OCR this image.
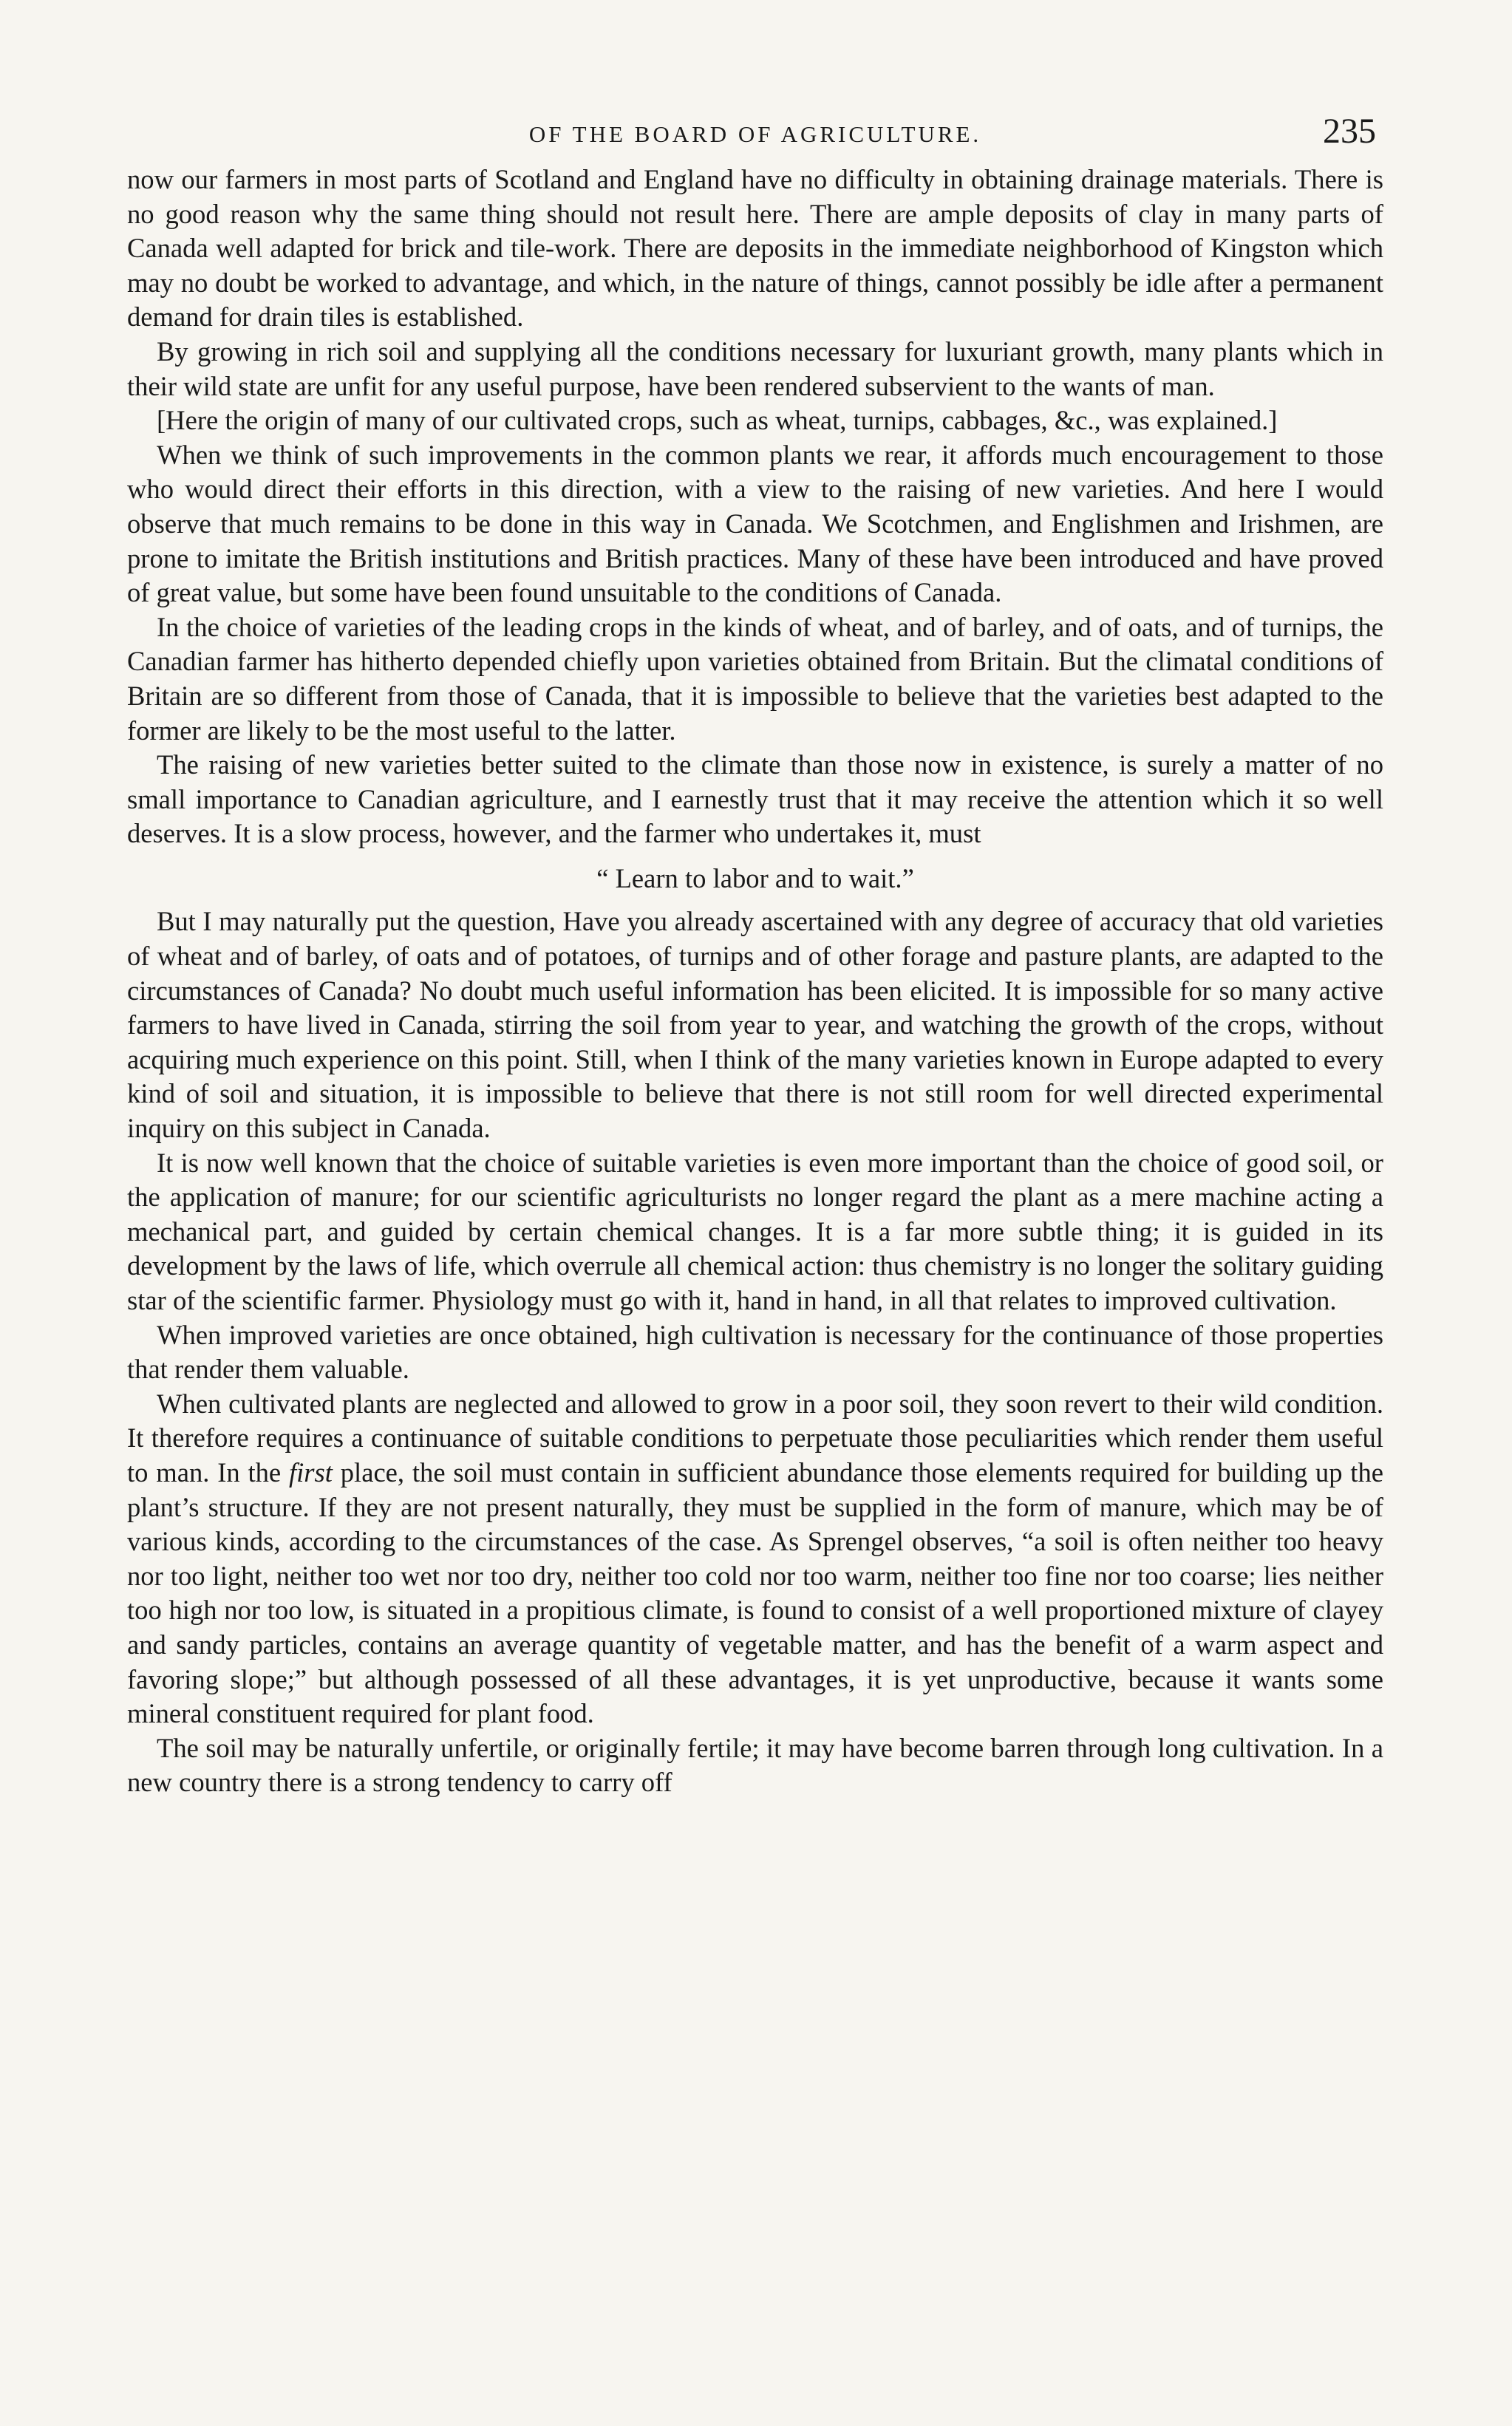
OF THE BOARD OF AGRICULTURE.	235

now our farmers in most parts of Scotland and England have no difficulty in obtaining drainage materials. There is no good reason why the same thing should not result here. There are ample deposits of clay in many parts of Canada well adapted for brick and tile-work. There are deposits in the immediate neighborhood of Kingston which may no doubt be worked to advantage, and which, in the nature of things, cannot possibly be idle after a permanent demand for drain tiles is established.

By growing in rich soil and supplying all the conditions necessary for luxuriant growth, many plants which in their wild state are unfit for any useful purpose, have been rendered subservient to the wants of man.

[Here the origin of many of our cultivated crops, such as wheat, turnips, cabbages, &c., was explained.]

When we think of such improvements in the common plants we rear, it affords much encouragement to those who would direct their efforts in this direction, with a view to the raising of new varieties. And here I would observe that much remains to be done in this way in Canada. We Scotchmen, and Englishmen and Irishmen, are prone to imitate the British institutions and British practices. Many of these have been introduced and have proved of great value, but some have been found unsuitable to the conditions of Canada.

In the choice of varieties of the leading crops in the kinds of wheat, and of barley, and of oats, and of turnips, the Canadian farmer has hitherto depended chiefly upon varieties obtained from Britain. But the climatal conditions of Britain are so different from those of Canada, that it is impossible to believe that the varieties best adapted to the former are likely to be the most useful to the latter.

The raising of new varieties better suited to the climate than those now in existence, is surely a matter of no small importance to Canadian agriculture, and I earnestly trust that it may receive the attention which it so well deserves. It is a slow process, however, and the farmer who undertakes it, must

“ Learn to labor and to wait.”

But I may naturally put the question, Have you already ascertained with any degree of accuracy that old varieties of wheat and of barley, of oats and of potatoes, of turnips and of other forage and pasture plants, are adapted to the circumstances of Canada? No doubt much useful information has been elicited. It is impossible for so many active farmers to have lived in Canada, stirring the soil from year to year, and watching the growth of the crops, without acquiring much experience on this point. Still, when I think of the many varieties known in Europe adapted to every kind of soil and situation, it is impossible to believe that there is not still room for well directed experimental inquiry on this subject in Canada.

It is now well known that the choice of suitable varieties is even more important than the choice of good soil, or the application of manure; for our scientific agriculturists no longer regard the plant as a mere machine acting a mechanical part, and guided by certain chemical changes. It is a far more subtle thing; it is guided in its development by the laws of life, which overrule all chemical action: thus chemistry is no longer the solitary guiding star of the scientific farmer. Physiology must go with it, hand in hand, in all that relates to improved cultivation.

When improved varieties are once obtained, high cultivation is necessary for the continuance of those properties that render them valuable.

When cultivated plants are neglected and allowed to grow in a poor soil, they soon revert to their wild condition. It therefore requires a continuance of suitable conditions to perpetuate those peculiarities which render them useful to man. In the first place, the soil must contain in sufficient abundance those elements required for building up the plant’s structure. If they are not present naturally, they must be supplied in the form of manure, which may be of various kinds, according to the circumstances of the case. As Sprengel observes, “a soil is often neither too heavy nor too light, neither too wet nor too dry, neither too cold nor too warm, neither too fine nor too coarse; lies neither too high nor too low, is situated in a propitious climate, is found to consist of a well proportioned mixture of clayey and sandy particles, contains an average quantity of vegetable matter, and has the benefit of a warm aspect and favoring slope;” but although possessed of all these advantages, it is yet unproductive, because it wants some mineral constituent required for plant food.

The soil may be naturally unfertile, or originally fertile; it may have become barren through long cultivation. In a new country there is a strong tendency to carry off
